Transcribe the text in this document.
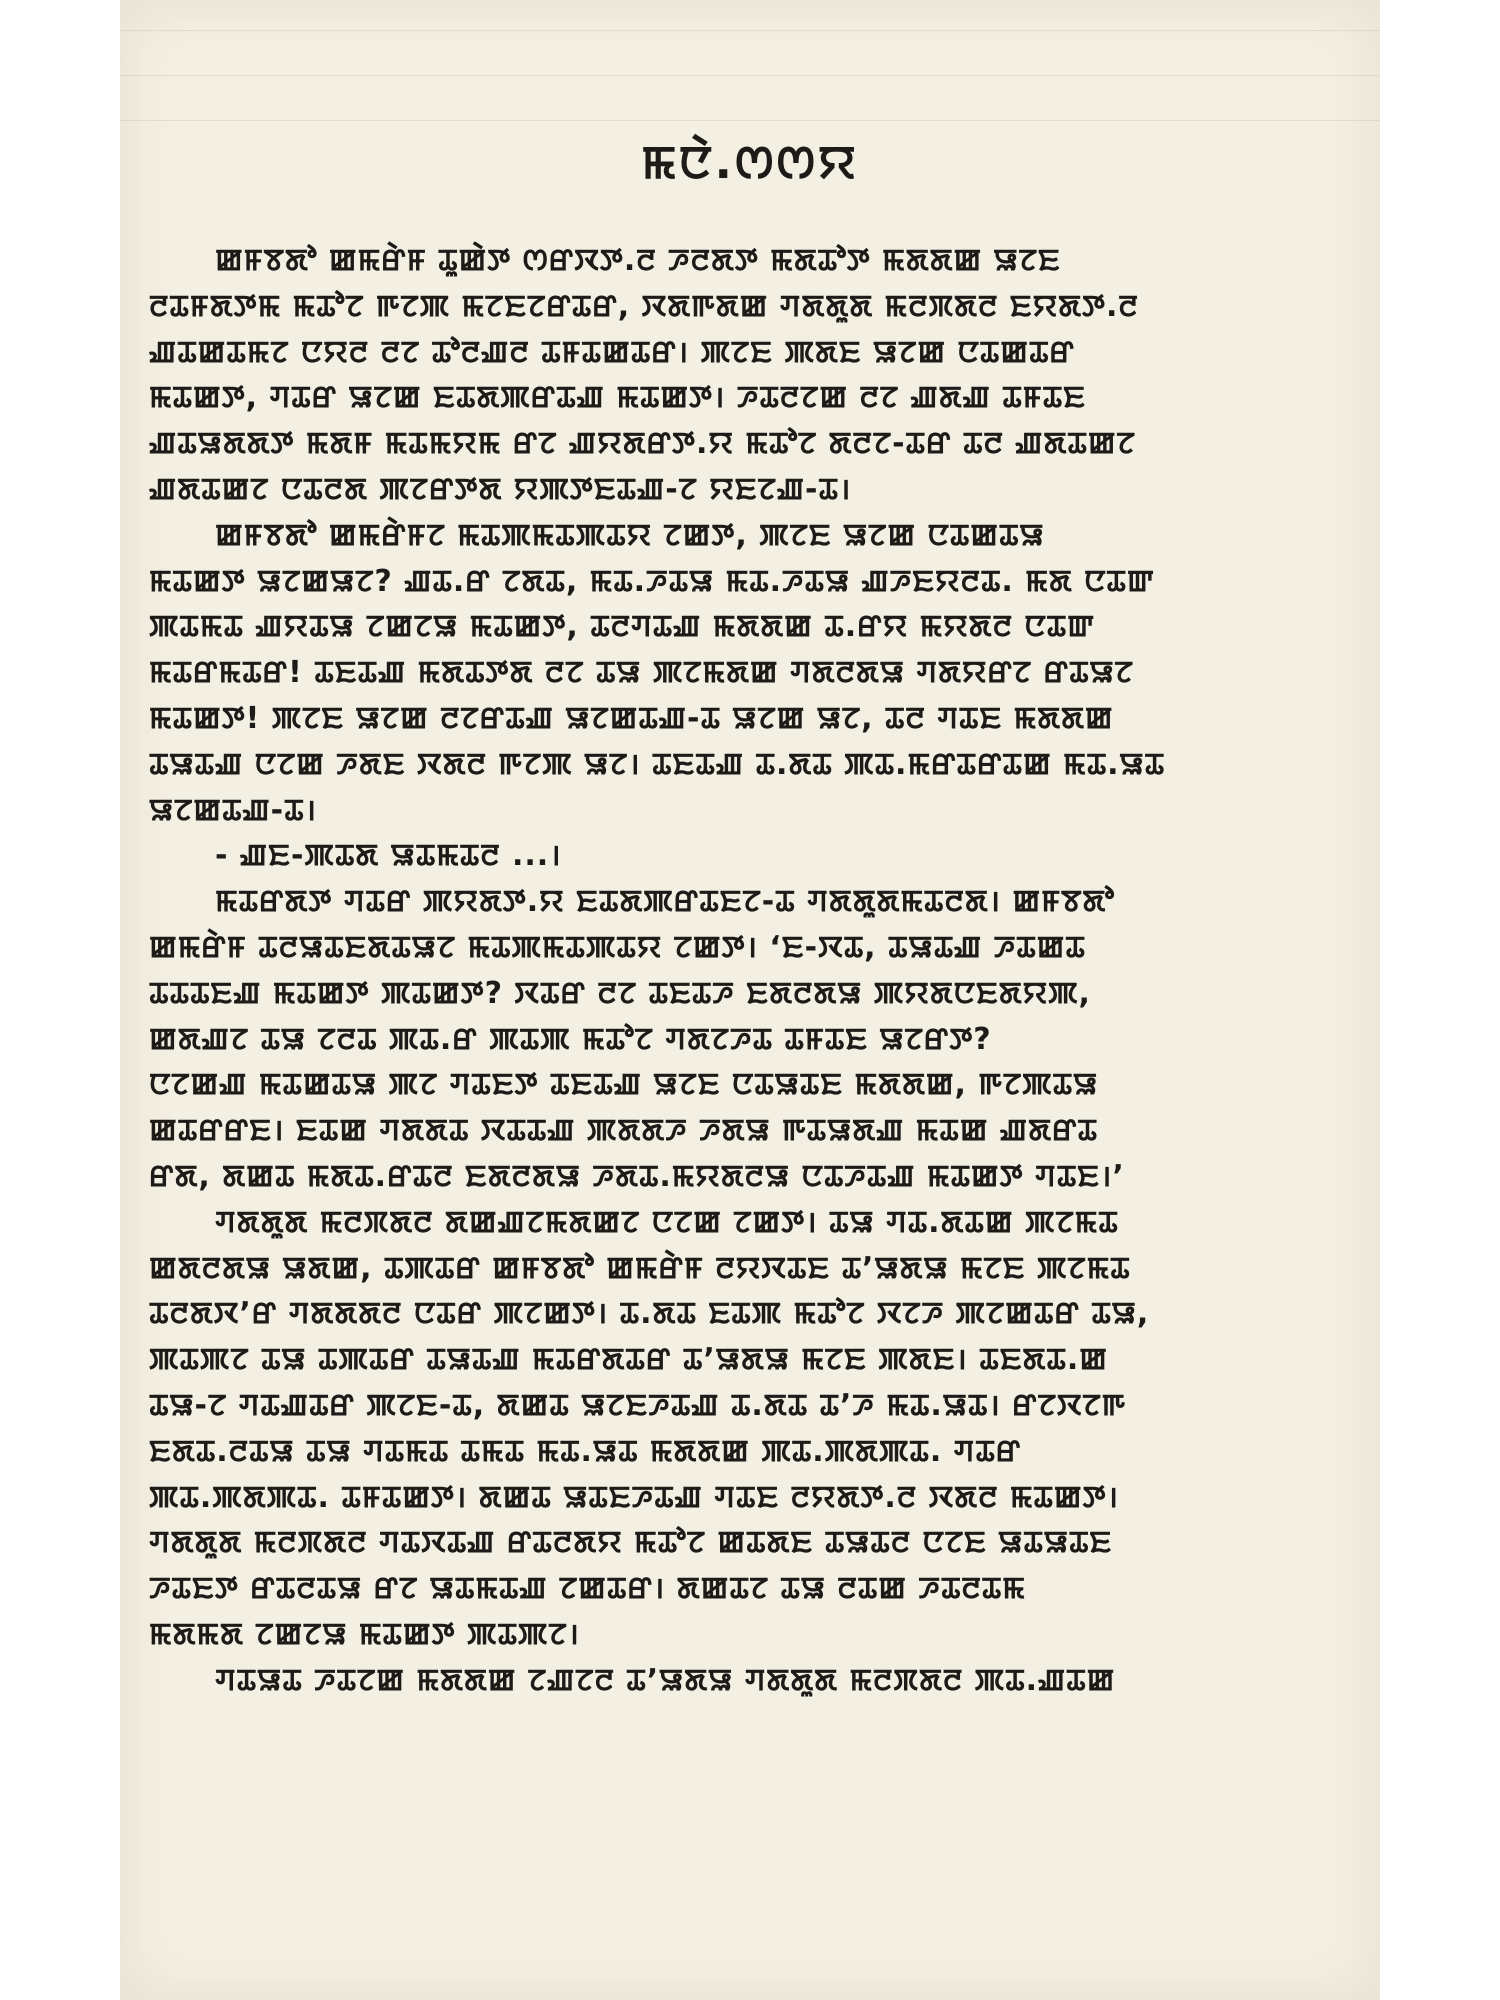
ꯃꯅꯥ.ꯁꯁꯌ
ꯀꯝꯕꯗꯣ ꯀꯃꯔꯥꯝ ꯊꯨꯀꯥꯇ ꯁꯔꯋꯇ.ꯂ ꯍꯂꯗꯇ ꯃꯗꯊꯣꯇ ꯃꯗꯗꯀ ꯎꯖꯐ
ꯂꯊꯝꯗꯇꯃ ꯃꯊꯣꯖ ꯒꯖꯄ ꯃꯖꯐꯖꯔꯊꯔ, ꯋꯗꯒꯗꯀ ꯚꯗꯗꯨꯗ ꯃꯂꯞꯗꯂ ꯐꯌꯗꯇ.ꯂ
ꯉꯊꯀꯊꯃꯖ ꯅꯌꯂ ꯂꯖ ꯊꯣꯂꯉꯂ ꯊꯝꯊꯀꯊꯔ। ꯄꯖꯐ ꯄꯗꯐ ꯎꯖꯀ ꯅꯊꯀꯊꯔ
ꯃꯊꯀꯇ, ꯚꯊꯔ ꯎꯖꯀ ꯐꯊꯗꯄꯔꯊꯉ ꯃꯊꯀꯇ। ꯍꯊꯂꯖꯀ ꯂꯖ ꯉꯗꯉ ꯊꯝꯊꯐ
ꯉꯊꯎꯗꯗꯇ ꯃꯗꯝ ꯃꯊꯃꯌꯃ ꯔꯖ ꯉꯌꯗꯔꯇ.ꯌ ꯃꯊꯣꯖ ꯗꯂꯖ-ꯊꯔ ꯊꯂ ꯉꯗꯊꯀꯖ
ꯉꯗꯊꯀꯖ ꯅꯊꯂꯗ ꯄꯖꯔꯇꯗ ꯌꯄꯇꯐꯊꯉ-ꯖ ꯌꯐꯖꯉ-ꯊ।
ꯀꯝꯕꯗꯣ ꯀꯃꯔꯥꯝꯖ ꯃꯊꯄꯃꯊꯄꯊꯌ ꯖꯀꯇ, ꯄꯖꯐ ꯎꯖꯀ ꯅꯊꯀꯊꯎ
ꯃꯊꯀꯇ ꯎꯖꯀꯎꯖ? ꯉꯊ.ꯔ ꯖꯗꯊ, ꯃꯊ.ꯍꯊꯎ ꯃꯊ.ꯍꯊꯎ ꯉꯍꯐꯌꯂꯊ. ꯃꯗ ꯅꯊꯛ
ꯄꯊꯃꯊ ꯉꯌꯊꯎ ꯖꯀꯖꯎ ꯃꯊꯀꯇ, ꯊꯂꯚꯊꯉ ꯃꯗꯗꯀ ꯊ.ꯔꯌ ꯃꯌꯗꯂ ꯅꯊꯛ
ꯃꯊꯔꯃꯊꯔ! ꯊꯐꯊꯉ ꯃꯗꯊꯇꯗ ꯂꯖ ꯊꯎ ꯄꯖꯃꯗꯀ ꯚꯗꯂꯗꯎ ꯚꯗꯌꯔꯖ ꯔꯊꯎꯖ
ꯃꯊꯀꯇ! ꯄꯖꯐ ꯎꯖꯀ ꯂꯖꯔꯊꯉ ꯎꯖꯀꯊꯉ-ꯊ ꯎꯖꯀ ꯎꯖ, ꯊꯂ ꯚꯊꯐ ꯃꯗꯗꯀ
ꯊꯎꯊꯉ ꯅꯖꯀ ꯍꯗꯐ ꯋꯗꯂ ꯒꯖꯄ ꯎꯖ। ꯊꯐꯊꯉ ꯊ.ꯗꯊ ꯄꯊ.ꯃꯔꯊꯔꯊꯀ ꯃꯊ.ꯎꯊ
ꯎꯖꯀꯊꯉ-ꯊ।
- ꯉꯐ-ꯄꯊꯗ ꯎꯊꯃꯊꯂ ...।
ꯃꯊꯔꯗꯇ ꯚꯊꯔ ꯄꯌꯗꯇ.ꯌ ꯐꯊꯗꯄꯔꯊꯐꯖ-ꯊ ꯚꯗꯗꯨꯗꯃꯊꯂꯗ। ꯀꯝꯕꯗꯣ
ꯀꯃꯔꯥꯝ ꯊꯂꯎꯊꯐꯗꯊꯎꯖ ꯃꯊꯄꯃꯊꯄꯊꯌ ꯖꯀꯇ। ‘ꯐ-ꯋꯊ, ꯊꯎꯊꯉ ꯍꯊꯀꯊ
ꯊꯊꯊꯐꯉ ꯃꯊꯀꯇ ꯄꯊꯀꯇ? ꯋꯊꯔ ꯂꯖ ꯊꯐꯊꯍ ꯐꯗꯂꯗꯎ ꯄꯌꯗꯅꯐꯗꯌꯄ,
ꯀꯗꯉꯖ ꯊꯎ ꯖꯂꯊ ꯄꯊ.ꯔ ꯄꯊꯄ ꯃꯊꯣꯖ ꯚꯗꯖꯍꯊ ꯊꯝꯊꯐ ꯎꯖꯔꯇ?
ꯅꯖꯀꯉ ꯃꯊꯀꯊꯎ ꯄꯖ ꯚꯊꯐꯇ ꯊꯐꯊꯉ ꯎꯖꯐ ꯅꯊꯎꯊꯐ ꯃꯗꯗꯀ, ꯒꯖꯄꯊꯎ
ꯀꯊꯔꯔꯐ। ꯐꯊꯀ ꯚꯗꯗꯊ ꯋꯊꯊꯉ ꯄꯗꯗꯍ ꯍꯗꯎ ꯒꯊꯎꯗꯉ ꯃꯊꯀ ꯉꯗꯔꯊ
ꯔꯗ, ꯗꯀꯊ ꯃꯗꯊ.ꯔꯊꯂ ꯐꯗꯂꯗꯎ ꯍꯗꯊ.ꯃꯌꯗꯂꯎ ꯅꯊꯍꯊꯉ ꯃꯊꯀꯇ ꯚꯊꯐ।’
ꯚꯗꯗꯨꯗ ꯃꯂꯞꯗꯂ ꯗꯀꯉꯖꯃꯗꯀꯖ ꯅꯖꯀ ꯖꯀꯇ। ꯊꯎ ꯚꯊ.ꯗꯊꯀ ꯄꯖꯃꯊ
ꯀꯗꯂꯗꯎ ꯎꯗꯀ, ꯊꯄꯊꯔ ꯀꯝꯕꯗꯣ ꯀꯃꯔꯥꯝ ꯂꯌꯋꯊꯐ ꯊ’ꯎꯗꯎ ꯃꯖꯐ ꯄꯖꯃꯊ
ꯊꯂꯗꯋ’ꯔ ꯚꯗꯗꯗꯂ ꯅꯊꯔ ꯄꯖꯀꯇ। ꯊ.ꯗꯊ ꯐꯊꯄ ꯃꯊꯣꯖ ꯋꯖꯍ ꯄꯖꯀꯊꯔ ꯊꯎ,
ꯄꯊꯄꯖ ꯊꯎ ꯊꯄꯊꯔ ꯊꯎꯊꯉ ꯃꯊꯔꯗꯊꯔ ꯊ’ꯎꯗꯎ ꯃꯖꯐ ꯄꯗꯐ। ꯊꯐꯗꯊ.ꯀ
ꯊꯎ-ꯖ ꯚꯊꯉꯊꯔ ꯄꯖꯐ-ꯊ, ꯗꯀꯊ ꯎꯖꯐꯍꯊꯉ ꯊ.ꯗꯊ ꯊ’ꯍ ꯃꯊ.ꯎꯊ। ꯔꯖꯋꯖꯒ
ꯐꯗꯊ.ꯂꯊꯎ ꯊꯎ ꯚꯊꯃꯊ ꯊꯃꯊ ꯃꯊ.ꯎꯊ ꯃꯗꯗꯀ ꯄꯊ.ꯄꯗꯄꯊ. ꯚꯊꯔ
ꯄꯊ.ꯄꯗꯄꯊ. ꯊꯝꯊꯀꯇ। ꯗꯀꯊ ꯎꯊꯐꯍꯊꯉ ꯚꯊꯐ ꯂꯌꯗꯇ.ꯂ ꯋꯗꯂ ꯃꯊꯀꯇ।
ꯚꯗꯗꯨꯗ ꯃꯂꯞꯗꯂ ꯚꯊꯋꯊꯉ ꯔꯊꯂꯗꯌ ꯃꯊꯣꯖ ꯀꯊꯗꯐ ꯊꯎꯊꯂ ꯅꯖꯐ ꯎꯊꯎꯊꯐ
ꯍꯊꯐꯇ ꯔꯊꯂꯊꯎ ꯔꯖ ꯎꯊꯃꯊꯉ ꯖꯀꯊꯔ। ꯗꯀꯊꯖ ꯊꯎ ꯂꯊꯀ ꯍꯊꯂꯊꯃ
ꯃꯗꯃꯗ ꯖꯀꯖꯎ ꯃꯊꯀꯇ ꯄꯊꯄꯖ।
ꯚꯊꯎꯊ ꯍꯊꯖꯀ ꯃꯗꯗꯀ ꯖꯉꯖꯂ ꯊ’ꯎꯗꯎ ꯚꯗꯗꯨꯗ ꯃꯂꯞꯗꯂ ꯄꯊ.ꯉꯊꯀ
